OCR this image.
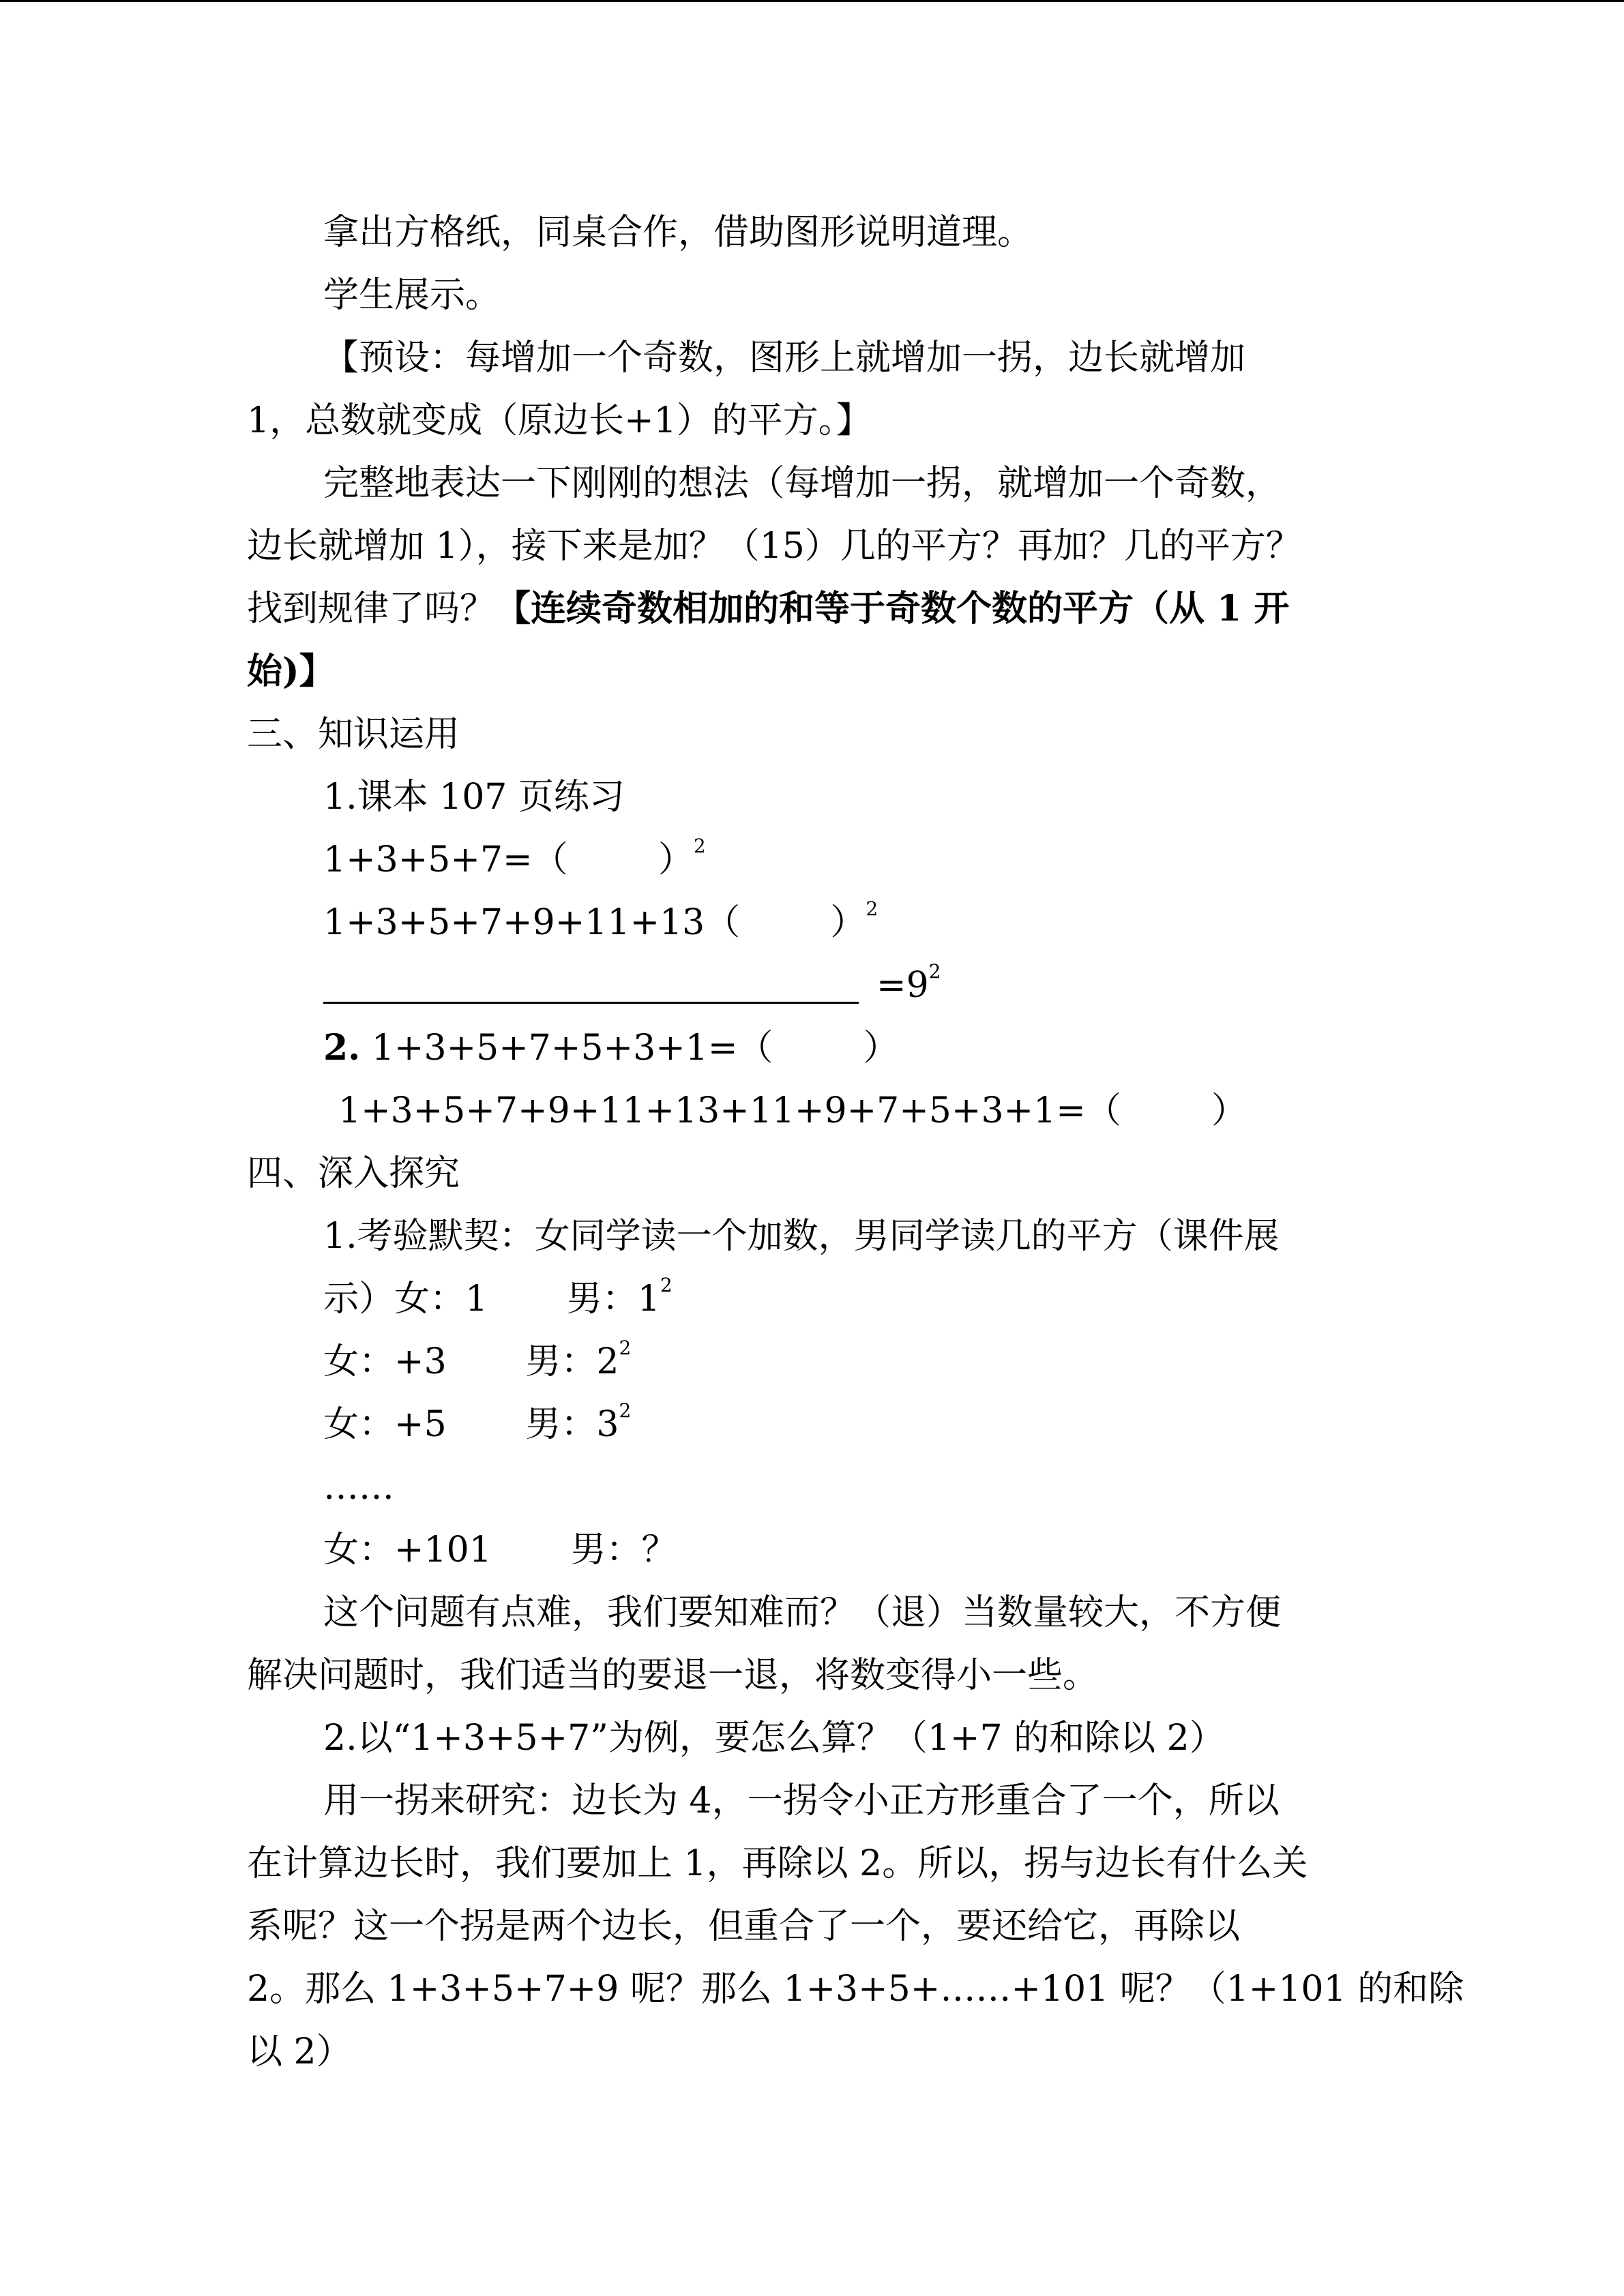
拿出方格纸，同桌合作，借助图形说明道理。

学生展示。

【预设：每增加一个奇数，图形上就增加一拐，边长就增加

1，总数就变成（原边长+1）的平方。】

完整地表达一下刚刚的想法（每增加一拐，就增加一个奇数，

边长就增加 1），接下来是加？（15）几的平方？再加？几的平方？

找到规律了吗？【连续奇数相加的和等于奇数个数的平方（从 1 开

始)】

三、知识运用

1.课本 107 页练习

1+3+5+7=（        ）$^2$

1+3+5+7+9+11+13（        ）$^2$

$=9^2$

2. 1+3+5+7+5+3+1=（        ）

1+3+5+7+9+11+13+11+9+7+5+3+1=（        ）

四、深入探究

1.考验默契：女同学读一个加数，男同学读几的平方（课件展

示）女：1       男：$1^2$

女：+3       男：$2^2$

女：+5       男：$3^2$

……

女：+101       男：？

这个问题有点难，我们要知难而？（退）当数量较大，不方便

解决问题时，我们适当的要退一退，将数变得小一些。

2.以“1+3+5+7”为例，要怎么算？（1+7 的和除以 2）

用一拐来研究：边长为 4，一拐令小正方形重合了一个，所以

在计算边长时，我们要加上 1，再除以 2。所以，拐与边长有什么关

系呢？这一个拐是两个边长，但重合了一个，要还给它，再除以

2。那么 1+3+5+7+9 呢？那么 1+3+5+……+101 呢？（1+101 的和除

以 2）
